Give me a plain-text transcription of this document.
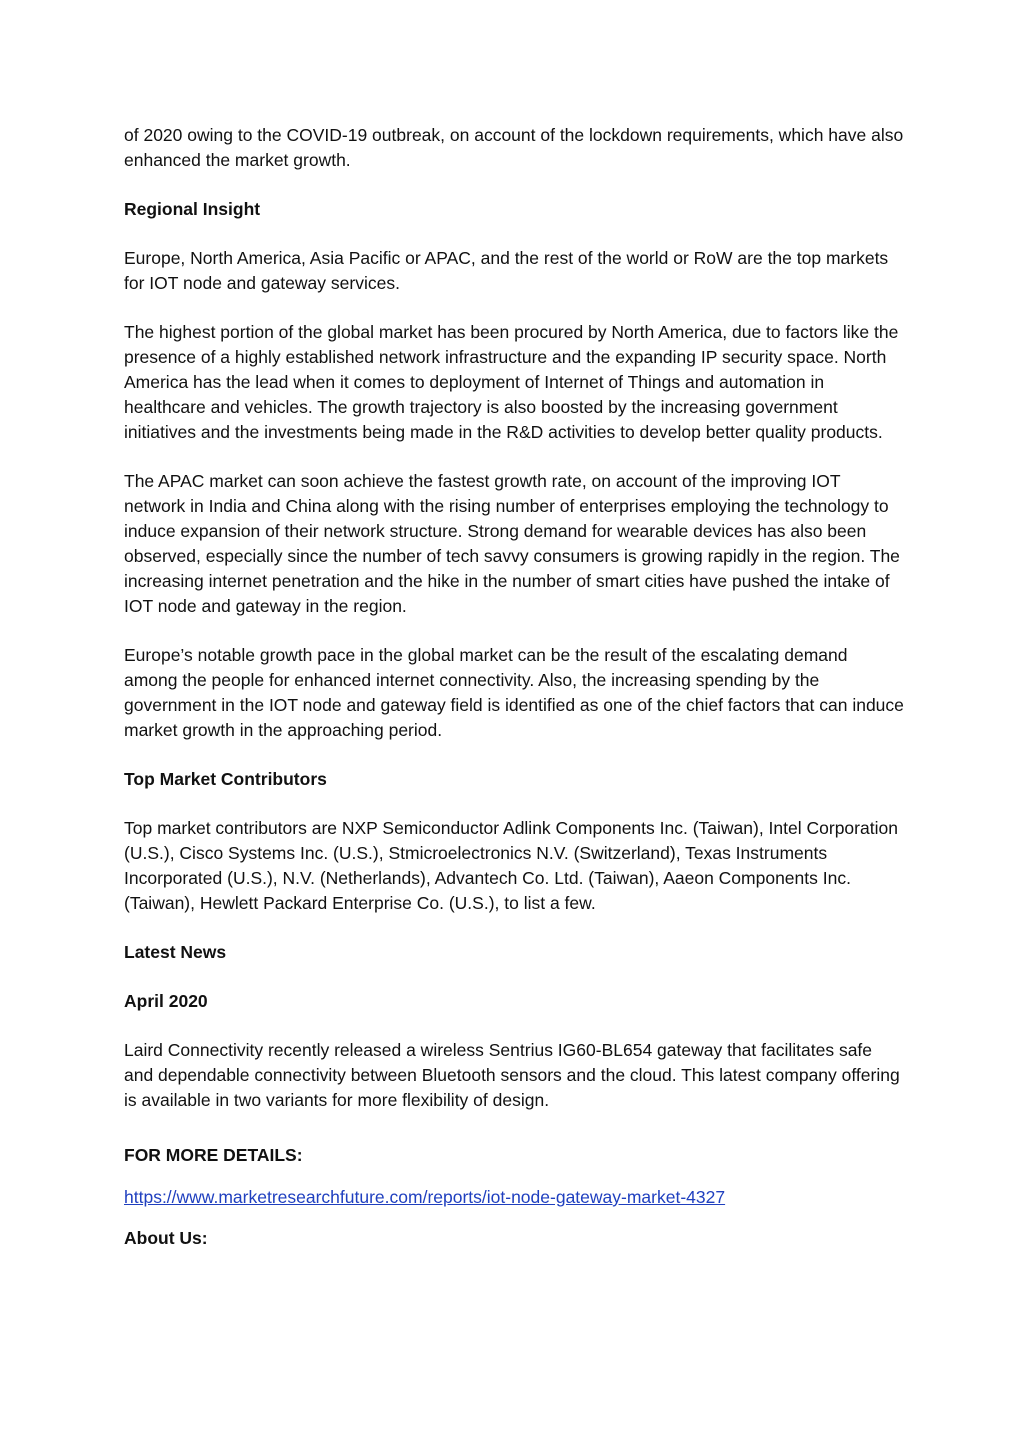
of 2020 owing to the COVID-19 outbreak, on account of the lockdown requirements, which have also enhanced the market growth.

Regional Insight

Europe, North America, Asia Pacific or APAC, and the rest of the world or RoW are the top markets for IOT node and gateway services.

The highest portion of the global market has been procured by North America, due to factors like the presence of a highly established network infrastructure and the expanding IP security space. North America has the lead when it comes to deployment of Internet of Things and automation in healthcare and vehicles. The growth trajectory is also boosted by the increasing government initiatives and the investments being made in the R&D activities to develop better quality products.

The APAC market can soon achieve the fastest growth rate, on account of the improving IOT network in India and China along with the rising number of enterprises employing the technology to induce expansion of their network structure. Strong demand for wearable devices has also been observed, especially since the number of tech savvy consumers is growing rapidly in the region. The increasing internet penetration and the hike in the number of smart cities have pushed the intake of IOT node and gateway in the region.

Europe’s notable growth pace in the global market can be the result of the escalating demand among the people for enhanced internet connectivity. Also, the increasing spending by the government in the IOT node and gateway field is identified as one of the chief factors that can induce market growth in the approaching period.

Top Market Contributors

Top market contributors are NXP Semiconductor Adlink Components Inc. (Taiwan), Intel Corporation (U.S.), Cisco Systems Inc. (U.S.), Stmicroelectronics N.V. (Switzerland), Texas Instruments Incorporated (U.S.), N.V. (Netherlands), Advantech Co. Ltd. (Taiwan), Aaeon Components Inc. (Taiwan), Hewlett Packard Enterprise Co. (U.S.), to list a few.

Latest News

April 2020

Laird Connectivity recently released a wireless Sentrius IG60-BL654 gateway that facilitates safe and dependable connectivity between Bluetooth sensors and the cloud. This latest company offering is available in two variants for more flexibility of design.

FOR MORE DETAILS:

https://www.marketresearchfuture.com/reports/iot-node-gateway-market-4327

About Us:
